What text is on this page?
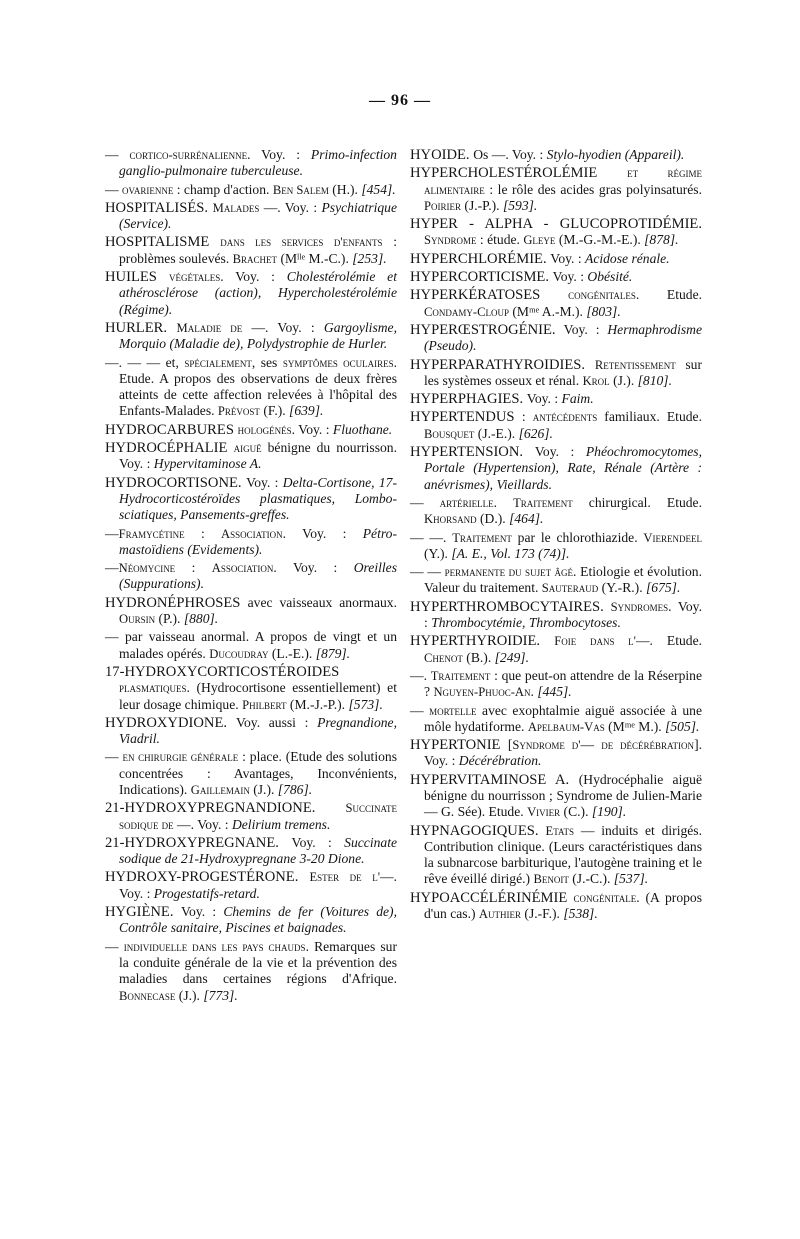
— 96 —

— cortico-surrénalienne. Voy. : Primo-infection ganglio-pulmonaire tuberculeuse.

— ovarienne : champ d'action. Ben Salem (H.). [454].

HOSPITALISÉS. Malades —. Voy. : Psychiatrique (Service).

HOSPITALISME dans les services d'enfants : problèmes soulevés. Brachet (Mˡˡᵉ M.-C.). [253].

HUILES végétales. Voy. : Cholestérolémie et athérosclérose (action), Hypercholestérolémie (Régime).

HURLER. Maladie de —. Voy. : Gargoylisme, Morquio (Maladie de), Polydystrophie de Hurler.

—. — — et, spécialement, ses symptômes oculaires. Etude. A propos des observations de deux frères atteints de cette affection relevées à l'hôpital des Enfants-Malades. Prévost (F.). [639].

HYDROCARBURES hologénés. Voy. : Fluothane.

HYDROCÉPHALIE aiguë bénigne du nourrisson. Voy. : Hypervitaminose A.

HYDROCORTISONE. Voy. : Delta-Cortisone, 17-Hydrocorticostéroïdes plasmatiques, Lombo-sciatiques, Pansements-greffes.

—Framycétine : Association. Voy. : Pétro-mastoïdiens (Evidements).

—Néomycine : Association. Voy. : Oreilles (Suppurations).

HYDRONÉPHROSES avec vaisseaux anormaux. Oursin (P.). [880].

— par vaisseau anormal. A propos de vingt et un malades opérés. Ducoudray (L.-E.). [879].

17-HYDROXYCORTICOSTÉROIDES plasmatiques. (Hydrocortisone essentiellement) et leur dosage chimique. Philbert (M.-J.-P.). [573].

HYDROXYDIONE. Voy. aussi : Pregnandione, Viadril.

— en chirurgie générale : place. (Etude des solutions concentrées : Avantages, Inconvénients, Indications). Gaillemain (J.). [786].

21-HYDROXYPREGNANDIONE. Succinate sodique de —. Voy. : Delirium tremens.

21-HYDROXYPREGNANE. Voy. : Succinate sodique de 21-Hydroxypregnane 3-20 Dione.

HYDROXY-PROGESTÉRONE. Ester de l'—. Voy. : Progestatifs-retard.

HYGIÈNE. Voy. : Chemins de fer (Voitures de), Contrôle sanitaire, Piscines et baignades.

— individuelle dans les pays chauds. Remarques sur la conduite générale de la vie et la prévention des maladies dans certaines régions d'Afrique. Bonnecase (J.). [773].

HYOIDE. Os —. Voy. : Stylo-hyodien (Appareil).

HYPERCHOLESTÉROLÉMIE et régime alimentaire : le rôle des acides gras polyinsaturés. Poirier (J.-P.). [593].

HYPER - ALPHA - GLUCOPROTIDÉMIE. Syndrome : étude. Gleye (M.-G.-M.-E.). [878].

HYPERCHLORÉMIE. Voy. : Acidose rénale.

HYPERCORTICISME. Voy. : Obésité.

HYPERKÉRATOSES congénitales. Etude. Condamy-Cloup (Mᵐᵉ A.-M.). [803].

HYPERŒSTROGÉNIE. Voy. : Hermaphrodisme (Pseudo).

HYPERPARATHYROIDIES. Retentissement sur les systèmes osseux et rénal. Krol (J.). [810].

HYPERPHAGIES. Voy. : Faim.

HYPERTENDUS : antécédents familiaux. Etude. Bousquet (J.-E.). [626].

HYPERTENSION. Voy. : Phéochromocytomes, Portale (Hypertension), Rate, Rénale (Artère : anévrismes), Vieillards.

— artérielle. Traitement chirurgical. Etude. Khorsand (D.). [464].

— —. Traitement par le chlorothiazide. Vierendeel (Y.). [A. E., Vol. 173 (74)].

— — permanente du sujet âgé. Etiologie et évolution. Valeur du traitement. Sauteraud (Y.-R.). [675].

HYPERTHROMBOCYTAIRES. Syndromes. Voy. : Thrombocytémie, Thrombocytoses.

HYPERTHYROIDIE. Foie dans l'—. Etude. Chenot (B.). [249].

—. Traitement : que peut-on attendre de la Réserpine ? Nguyen-Phuoc-An. [445].

— mortelle avec exophtalmie aiguë associée à une môle hydatiforme. Apelbaum-Vas (Mᵐᵉ M.). [505].

HYPERTONIE [Syndrome d'— de décérébration]. Voy. : Décérébration.

HYPERVITAMINOSE A. (Hydrocéphalie aiguë bénigne du nourrisson ; Syndrome de Julien-Marie — G. Sée). Etude. Vivier (C.). [190].

HYPNAGOGIQUES. Etats — induits et dirigés. Contribution clinique. (Leurs caractéristiques dans la subnarcose barbiturique, l'autogène training et le rêve éveillé dirigé.) Benoit (J.-C.). [537].

HYPOACCÉLÉRINÉMIE congénitale. (A propos d'un cas.) Authier (J.-F.). [538].
